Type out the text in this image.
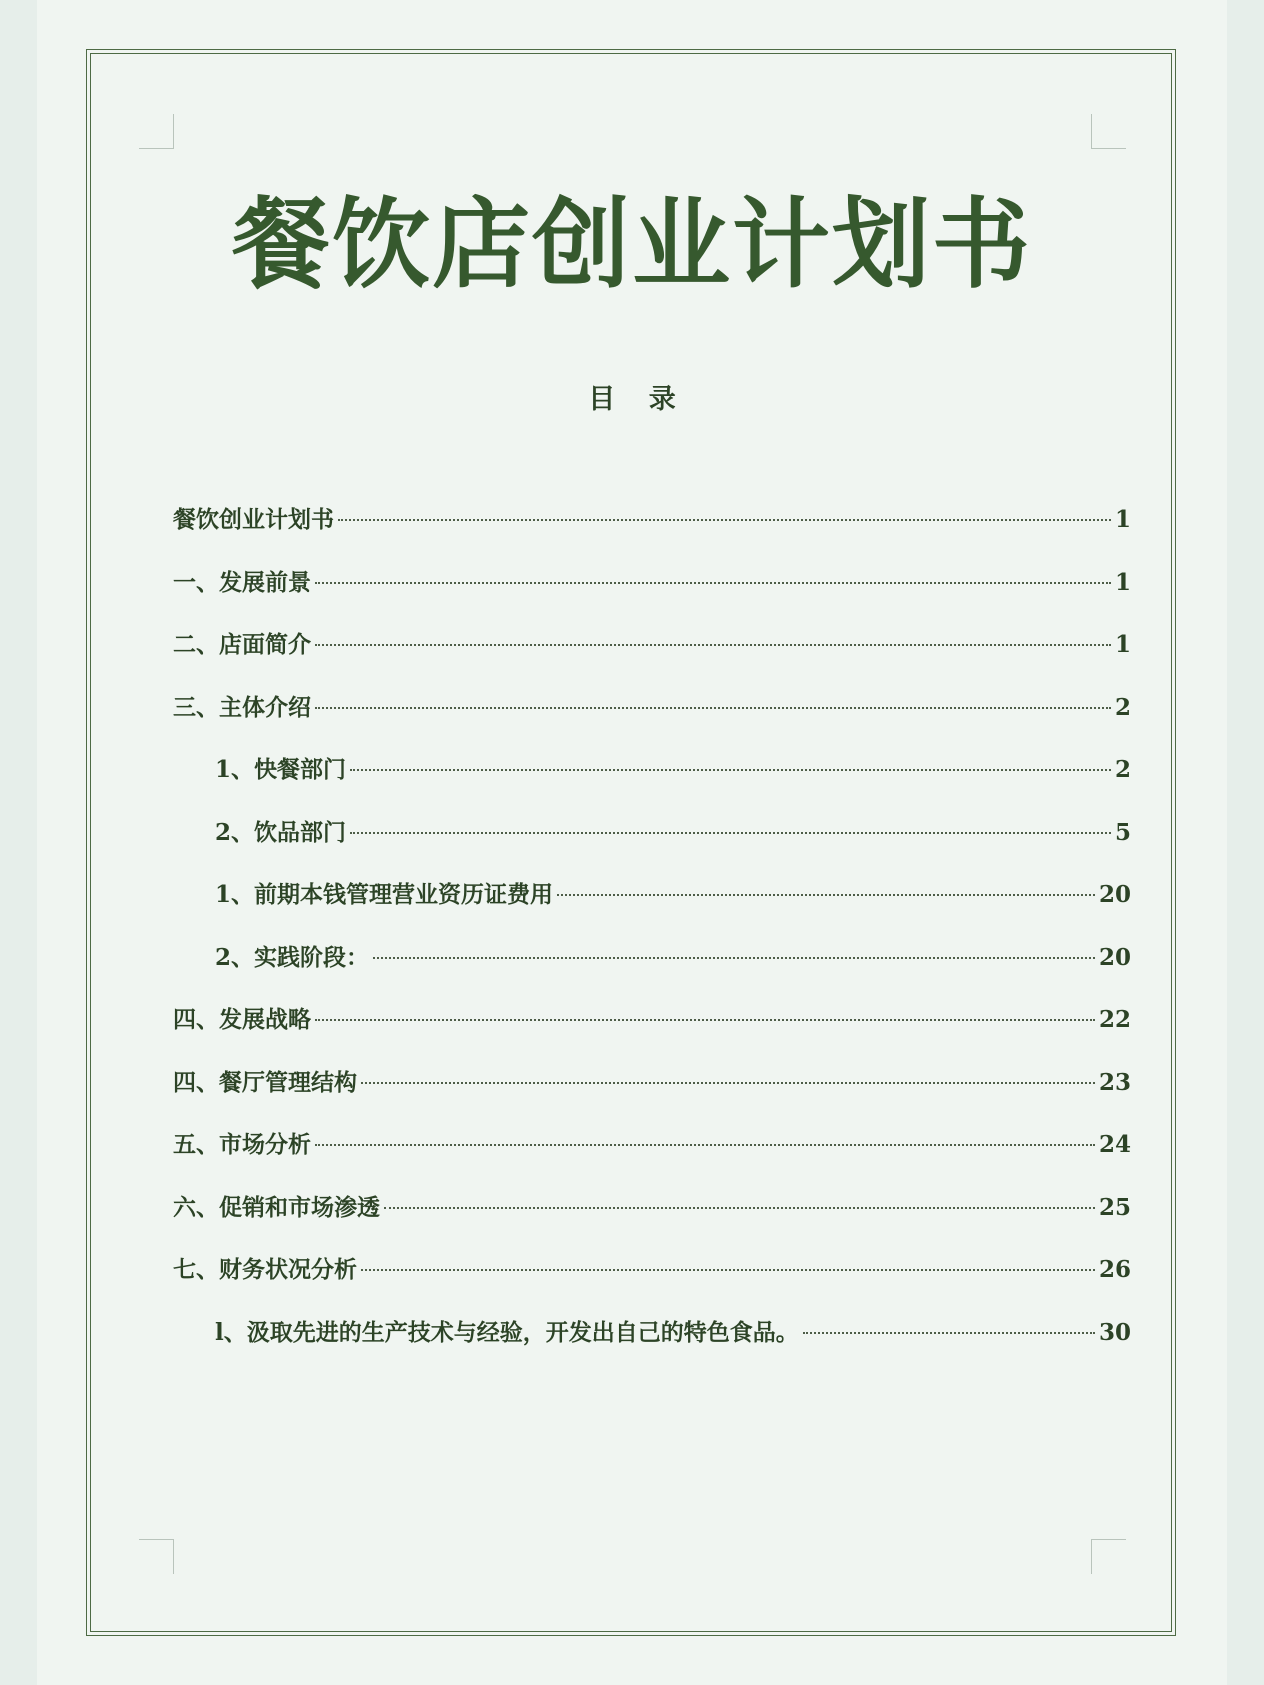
餐饮店创业计划书
目 录
餐饮创业计划书	1
一、发展前景	1
二、店面简介	1
三、主体介绍	2
1、快餐部门	2
2、饮品部门	5
1、前期本钱管理营业资历证费用	20
2、实践阶段：	20
四、发展战略	22
四、餐厅管理结构	23
五、市场分析	24
六、促销和市场渗透	25
七、财务状况分析	26
l、汲取先进的生产技术与经验，开发出自己的特色食品。	30
